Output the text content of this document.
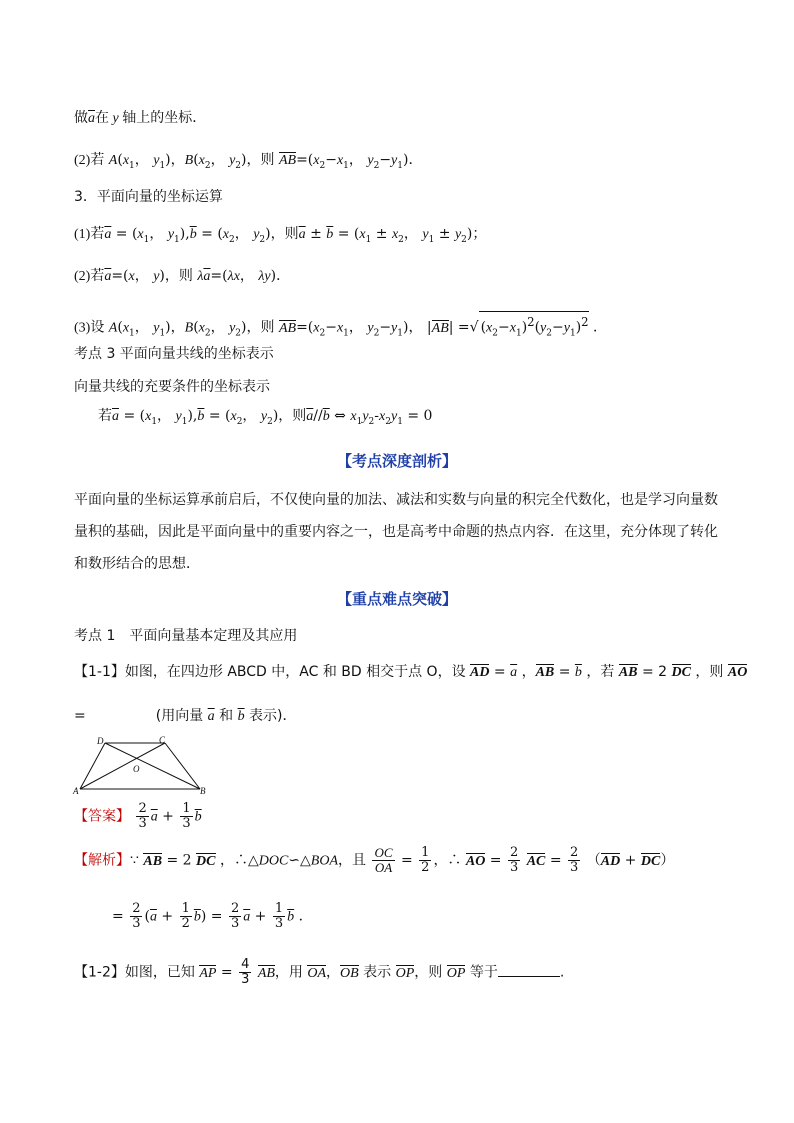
做$\overline{a}$在 y 轴上的坐标．
(2)若 $A(x_1$， $y_1$)，$B(x_2$， $y_2$)，则 $AB=(x_2-x_1$， $y_2-y_1$)．
3．平面向量的坐标运算
(1)若$\overline{a} = (x_1$， $y_1),\overline{b} = (x_2$， $y_2$)，则$\overline{a} \pm \overline{b} = (x_1 \pm x_2$， $y_1 \pm y_2$)；
(2)若$\overline{a}=(x$， y)，则 $\lambda\overline{a}=(\lambda x$， λy)．
(3)设 $A(x_1$， $y_1$)，$B(x_2$， $y_2$)，则 $AB=(x_2-x_1$， $y_2-y_1$)， |AB| =√ $(x_2-x_1)^2(y_2-y_1)^2$ ．
考点 3 平面向量共线的坐标表示
向量共线的充要条件的坐标表示
若$\overline{a} = (x_1$， $y_1),\overline{b} = (x_2$， $y_2$)，则$\overline{a}//\overline{b}$ ⇔ $x_1y_2-x_2y_1 = 0$
【考点深度剖析】
平面向量的坐标运算承前启后，不仅使向量的加法、减法和实数与向量的积完全代数化，也是学习向量数量积的基础，因此是平面向量中的重要内容之一，也是高考中命题的热点内容．在这里，充分体现了转化和数形结合的思想．
【重点难点突破】
考点 1　平面向量基本定理及其应用
【1-1】如图，在四边形 ABCD 中，AC 和 BD 相交于点 O，设 AD = $\overline{a}$ ，AB = $\overline{b}$ ，若 AB = 2 DC ，则 AO
=　　　　　(用向量 $\overline{a}$ 和 $\overline{b}$ 表示)．
D	C
O
A	B
【答案】 $\frac{2}{3} \overline{a} + \frac{1}{3} \overline{b}$
【解析】∵ AB = 2 DC ，∴△DOC∽△BOA，且 $\frac{OC}{OA} = \frac{1}{2}$ ，∴ AO = $\frac{2}{3}$ AC = $\frac{2}{3} (AD + DC)$
= $\frac{2}{3} (\overline{a} + \frac{1}{2} \overline{b}) = \frac{2}{3} \overline{a} + \frac{1}{3} \overline{b}$ ．
【1-2】如图，已知 AP = $\frac{4}{3}$ AB，用 OA，OB 表示 OP，则 OP 等于	.
